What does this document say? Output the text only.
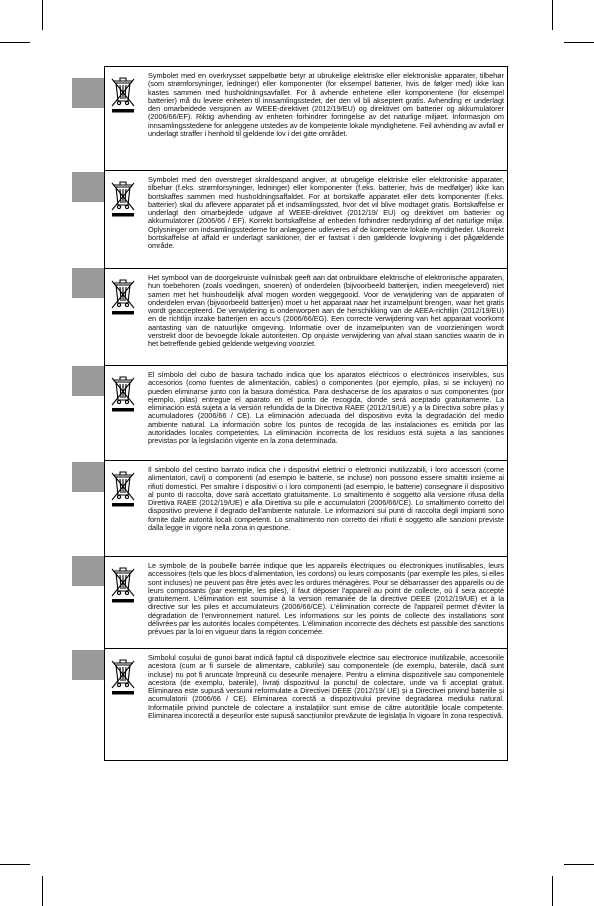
Symbolet med en overkrysset søppelbøtte betyr at ubrukelige elektriske eller elektroniske apparater, tilbehør (som strømforsyninger, ledninger) eller komponenter (for eksempel batterier, hvis de følger med) ikke kan kastes sammen med husholdningsavfallet. For å avhende enhetene eller komponentene (for eksempel batterier) må du levere enheten til innsamlingsstedet, der den vil bli akseptert gratis. Avhending er underlagt den omarbeidede versjonen av WEEE-direktivet (2012/19/EU) og direktivet om batterier og akkumulatorer (2006/66/EF). Riktig avhending av enheten forhindrer forringelse av det naturlige miljøet. Informasjon om innsamlingsstedene for anleggene utstedes av de kompetente lokale myndighetene. Feil avhending av avfall er underlagt straffer i henhold til gjeldende lov i det gitte området.
Symbolet med den overstreget skraldespand angiver, at ubrugelige elektriske eller elektroniske apparater, tilbehør (f.eks. strømforsyninger, ledninger) eller komponenter (f.eks. batterier, hvis de medfølger) ikke kan bortskaffes sammen med husholdningsaffaldet. For at bortskaffe apparatet eller dets komponenter (f.eks. batterier) skal du aflevere apparatet på et indsamlingssted, hvor det vil blive modtaget gratis. Bortskaffelse er underlagt den omarbejdede udgave af WEEE-direktivet (2012/19/ EU) og direktivet om batterier og akkumulatorer (2006/66 / EF). Korrekt bortskaffelse af enheden forhindrer nedbrydning af det naturlige miljø. Oplysninger om indsamlingsstederne for anlæggene udleveres af de kompetente lokale myndigheder. Ukorrekt bortskaffelse af affald er underlagt sanktioner, der er fastsat i den gældende lovgivning i det pågældende område.
Het symbool van de doorgekruiste vuilnisbak geeft aan dat onbruikbare elektrische of elektronische apparaten, hun toebehoren (zoals voedingen, snoeren) of onderdelen (bijvoorbeeld batterijen, indien meegeleverd) niet samen met het huishoudelijk afval mogen worden weggegooid. Voor de verwijdering van de apparaten of onderdelen ervan (bijvoorbeeld batterijen) moet u het apparaat naar het inzamelpunt brengen, waar het gratis wordt geaccepteerd. De verwijdering is onderworpen aan de herschikking van de AEEA-richtlijn (2012/19/EU) en de richtlijn inzake batterijen en accu's (2006/66/EG). Een correcte verwijdering van het apparaat voorkomt aantasting van de natuurlijke omgeving. Informatie over de inzamelpunten van de voorzieningen wordt verstrekt door de bevoegde lokale autoriteiten. Op onjuiste verwijdering van afval staan sancties waarin de in het betreffende gebied geldende wetgeving voorziet.
El símbolo del cubo de basura tachado indica que los aparatos eléctricos o electrónicos inservibles, sus accesorios (como fuentes de alimentación, cables) o componentes (por ejemplo, pilas, si se incluyen) no pueden eliminarse junto con la basura doméstica. Para deshacerse de los aparatos o sus componentes (por ejemplo, pilas) entregue el aparato en el punto de recogida, donde será aceptado gratuitamente. La eliminación está sujeta a la versión refundida de la Directiva RAEE (2012/19/UE) y a la Directiva sobre pilas y acumuladores (2006/66 / CE). La eliminación adecuada del dispositivo evita la degradación del medio ambiente natural. La información sobre los puntos de recogida de las instalaciones es emitida por las autoridades locales competentes. La eliminación incorrecta de los residuos está sujeta a las sanciones previstas por la legislación vigente en la zona determinada.
Il simbolo del cestino barrato indica che i dispositivi elettrici o elettronici inutilizzabili, i loro accessori (come alimentatori, cavi) o componenti (ad esempio le batterie, se incluse) non possono essere smaltiti insieme ai rifiuti domestici. Per smaltire i dispositivi o i loro componenti (ad esempio, le batterie) consegnare il dispositivo al punto di raccolta, dove sarà accettato gratuitamente. Lo smaltimento è soggetto alla versione rifusa della Direttiva RAEE (2012/19/UE) e alla Direttiva su pile e accumulatori (2006/66/CE). Lo smaltimento corretto del dispositivo previene il degrado dell'ambiente naturale. Le informazioni sui punti di raccolta degli impianti sono fornite dalle autorità locali competenti. Lo smaltimento non corretto dei rifiuti è soggetto alle sanzioni previste dalla legge in vigore nella zona in questione.
Le symbole de la poubelle barrée indique que les appareils électriques ou électroniques inutilisables, leurs accessoires (tels que les blocs d'alimentation, les cordons) ou leurs composants (par exemple les piles, si elles sont incluses) ne peuvent pas être jetés avec les ordures ménagères. Pour se débarrasser des appareils ou de leurs composants (par exemple, les piles), il faut déposer l'appareil au point de collecte, où il sera accepté gratuitement. L'élimination est soumise à la version remaniée de la directive DEEE (2012/19/UE) et à la directive sur les piles et accumulateurs (2006/66/CE). L'élimination correcte de l'appareil permet d'éviter la dégradation de l'environnement naturel. Les informations sur les points de collecte des installations sont délivrées par les autorités locales compétentes. L'élimination incorrecte des déchets est passible des sanctions prévues par la loi en vigueur dans la région concernée.
Simbolul coșului de gunoi barat indică faptul că dispozitivele electrice sau electronice inutilizabile, accesoriile acestora (cum ar fi sursele de alimentare, cablurile) sau componentele (de exemplu, bateriile, dacă sunt incluse) nu pot fi aruncate împreună cu deșeurile menajere. Pentru a elimina dispozitivele sau componentele acestora (de exemplu, bateriile), livrați dispozitivul la punctul de colectare, unde va fi acceptat gratuit. Eliminarea este supusă versiunii reformulate a Directivei DEEE (2012/19/ UE) și a Directivei privind bateriile și acumulatorii (2006/66 / CE). Eliminarea corectă a dispozitivului previne degradarea mediului natural. Informațiile privind punctele de colectare a instalațiilor sunt emise de către autoritățile locale competente. Eliminarea incorectă a deșeurilor este supusă sancțiunilor prevăzute de legislația în vigoare în zona respectivă.
